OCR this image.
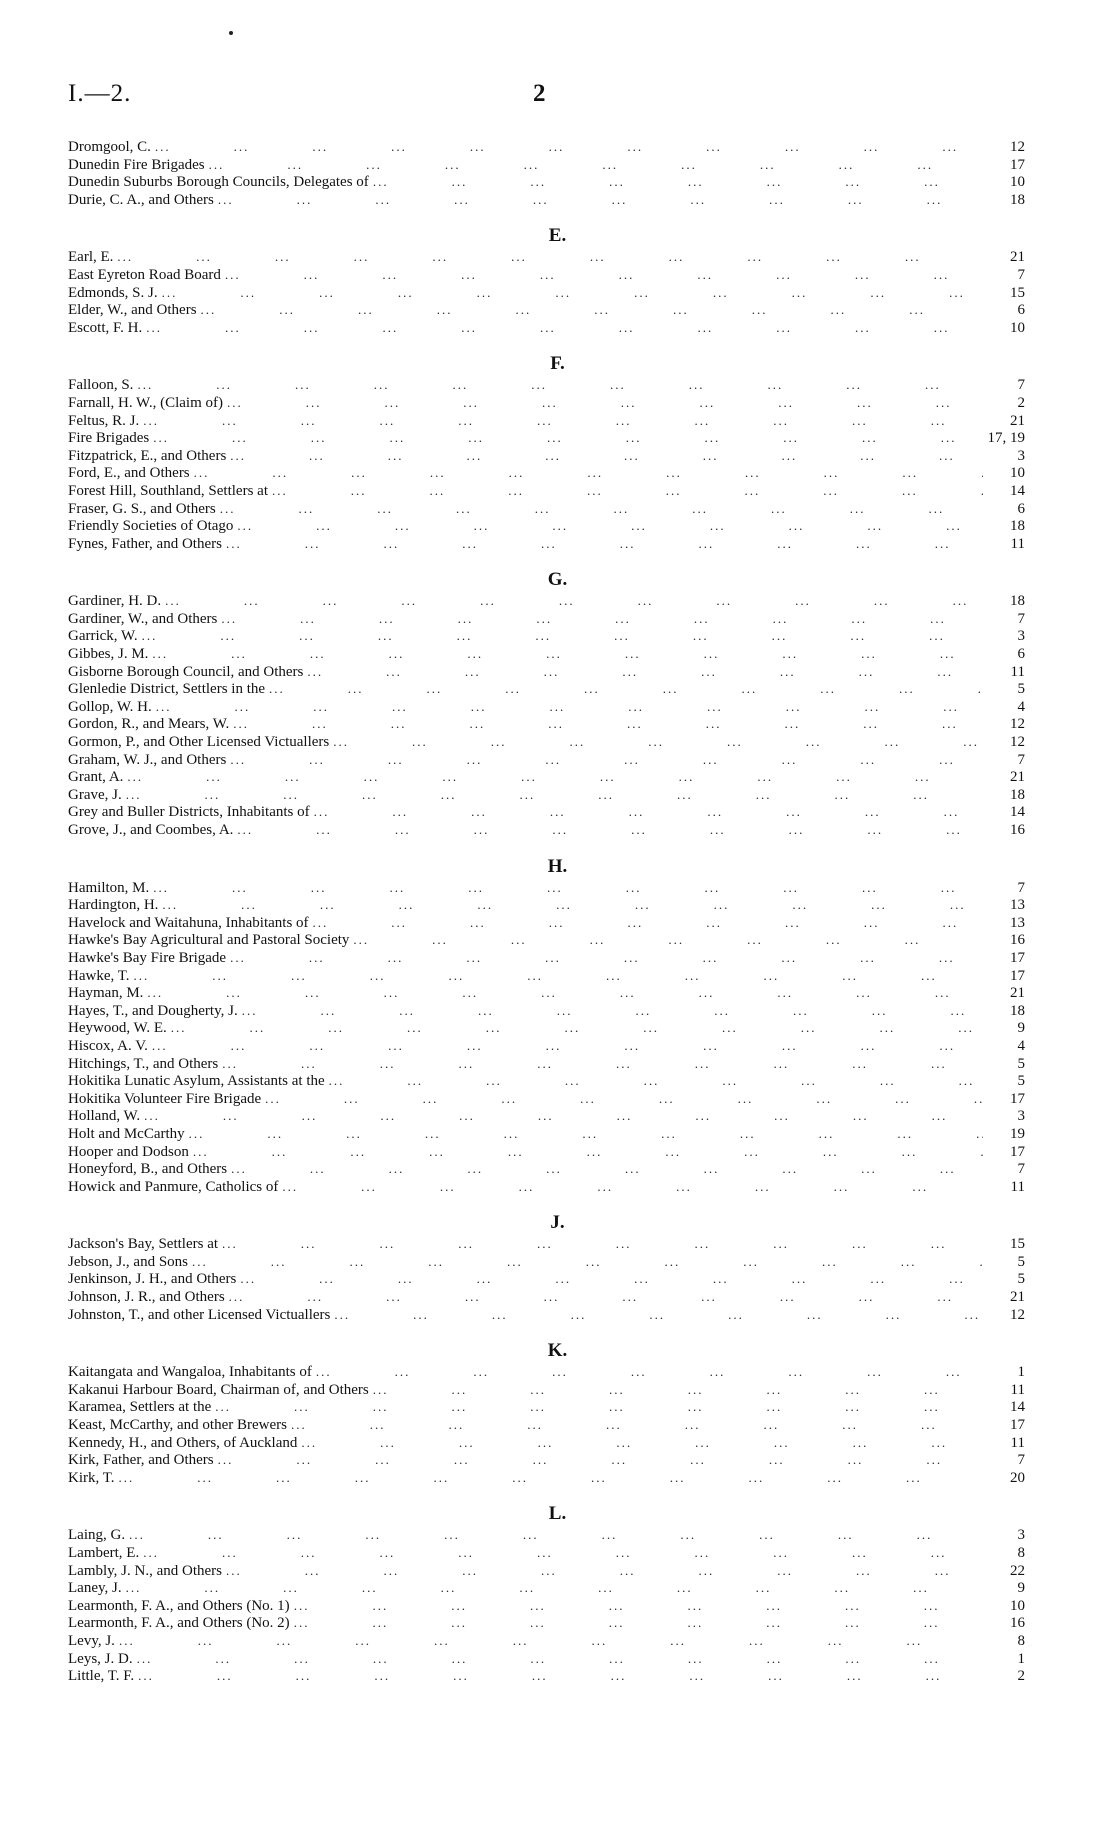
I.—2.	2
Dromgool, C. ...	12
Dunedin Fire Brigades ...	17
Dunedin Suburbs Borough Councils, Delegates of ...	10
Durie, C. A., and Others ...	18
E.
Earl, E. ...	21
East Eyreton Road Board ...	7
Edmonds, S. J. ...	15
Elder, W., and Others ...	6
Escott, F. H. ...	10
F.
Falloon, S. ...	7
Farnall, H. W., (Claim of) ...	2
Feltus, R. J. ...	21
Fire Brigades ...	17, 19
Fitzpatrick, E., and Others ...	3
Ford, E., and Others ...	10
Forest Hill, Southland, Settlers at ...	14
Fraser, G. S., and Others ...	6
Friendly Societies of Otago ...	18
Fynes, Father, and Others ...	11
G.
Gardiner, H. D. ...	18
Gardiner, W., and Others ...	7
Garrick, W. ...	3
Gibbes, J. M. ...	6
Gisborne Borough Council, and Others ...	11
Glenledie District, Settlers in the ...	5
Gollop, W. H. ...	4
Gordon, R., and Mears, W. ...	12
Gormon, P., and Other Licensed Victuallers ...	12
Graham, W. J., and Others ...	7
Grant, A. ...	21
Grave, J. ...	18
Grey and Buller Districts, Inhabitants of ...	14
Grove, J., and Coombes, A. ...	16
H.
Hamilton, M. ...	7
Hardington, H. ...	13
Havelock and Waitahuna, Inhabitants of ...	13
Hawke's Bay Agricultural and Pastoral Society ...	16
Hawke's Bay Fire Brigade ...	17
Hawke, T. ...	17
Hayman, M. ...	21
Hayes, T., and Dougherty, J. ...	18
Heywood, W. E. ...	9
Hiscox, A. V. ...	4
Hitchings, T., and Others ...	5
Hokitika Lunatic Asylum, Assistants at the ...	5
Hokitika Volunteer Fire Brigade ...	17
Holland, W. ...	3
Holt and McCarthy ...	19
Hooper and Dodson ...	17
Honeyford, B., and Others ...	7
Howick and Panmure, Catholics of ...	11
J.
Jackson's Bay, Settlers at ...	15
Jebson, J., and Sons ...	5
Jenkinson, J. H., and Others ...	5
Johnson, J. R., and Others ...	21
Johnston, T., and other Licensed Victuallers ...	12
K.
Kaitangata and Wangaloa, Inhabitants of ...	1
Kakanui Harbour Board, Chairman of, and Others ...	11
Karamea, Settlers at the ...	14
Keast, McCarthy, and other Brewers ...	17
Kennedy, H., and Others, of Auckland ...	11
Kirk, Father, and Others ...	7
Kirk, T. ...	20
L.
Laing, G. ...	3
Lambert, E. ...	8
Lambly, J. N., and Others ...	22
Laney, J. ...	9
Learmonth, F. A., and Others (No. 1) ...	10
Learmonth, F. A., and Others (No. 2) ...	16
Levy, J. ...	8
Leys, J. D. ...	1
Little, T. F. ...	2
